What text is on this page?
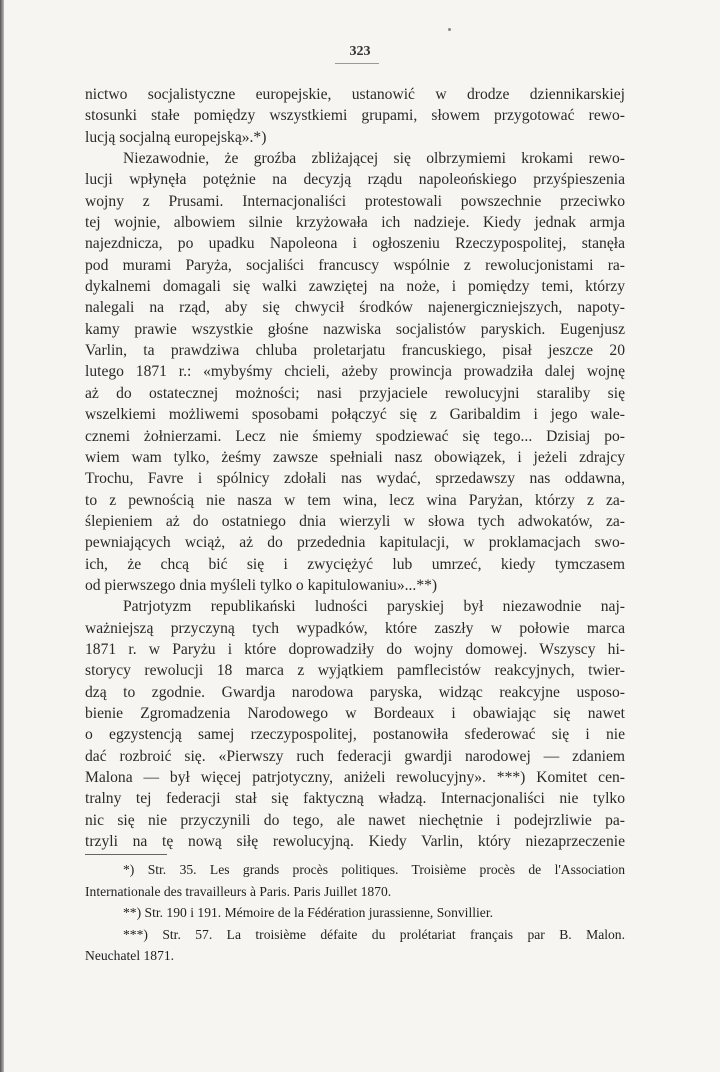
323
nictwo socjalistyczne europejskie, ustanowić w drodze dziennikarskiej
stosunki stałe pomiędzy wszystkiemi grupami, słowem przygotować rewo-
lucją socjalną europejską».*)
Niezawodnie, że groźba zbliżającej się olbrzymiemi krokami rewo-
lucji wpłynęła potężnie na decyzją rządu napoleońskiego przyśpieszenia
wojny z Prusami. Internacjonaliści protestowali powszechnie przeciwko
tej wojnie, albowiem silnie krzyżowała ich nadzieje. Kiedy jednak armja
najezdnicza, po upadku Napoleona i ogłoszeniu Rzeczypospolitej, stanęła
pod murami Paryża, socjaliści francuscy wspólnie z rewolucjonistami ra-
dykalnemi domagali się walki zawziętej na noże, i pomiędzy temi, którzy
nalegali na rząd, aby się chwycił środków najenergiczniejszych, napoty-
kamy prawie wszystkie głośne nazwiska socjalistów paryskich. Eugenjusz
Varlin, ta prawdziwa chluba proletarjatu francuskiego, pisał jeszcze 20
lutego 1871 r.: «mybyśmy chcieli, ażeby prowincja prowadziła dalej wojnę
aż do ostatecznej możności; nasi przyjaciele rewolucyjni staraliby się
wszelkiemi możliwemi sposobami połączyć się z Garibaldim i jego wale-
cznemi żołnierzami. Lecz nie śmiemy spodziewać się tego... Dzisiaj po-
wiem wam tylko, żeśmy zawsze spełniali nasz obowiązek, i jeżeli zdrajcy
Trochu, Favre i spólnicy zdołali nas wydać, sprzedawszy nas oddawna,
to z pewnością nie nasza w tem wina, lecz wina Paryżan, którzy z za-
ślepieniem aż do ostatniego dnia wierzyli w słowa tych adwokatów, za-
pewniających wciąż, aż do przedednia kapitulacji, w proklamacjach swo-
ich, że chcą bić się i zwyciężyć lub umrzeć, kiedy tymczasem
od pierwszego dnia myśleli tylko o kapitulowaniu»...**)
Patrjotyzm republikański ludności paryskiej był niezawodnie naj-
ważniejszą przyczyną tych wypadków, które zaszły w połowie marca
1871 r. w Paryżu i które doprowadziły do wojny domowej. Wszyscy hi-
storycy rewolucji 18 marca z wyjątkiem pamflecistów reakcyjnych, twier-
dzą to zgodnie. Gwardja narodowa paryska, widząc reakcyjne usposo-
bienie Zgromadzenia Narodowego w Bordeaux i obawiając się nawet
o egzystencją samej rzeczypospolitej, postanowiła sfederować się i nie
dać rozbroić się. «Pierwszy ruch federacji gwardji narodowej — zdaniem
Malona — był więcej patrjotyczny, aniżeli rewolucyjny». ***) Komitet cen-
tralny tej federacji stał się faktyczną władzą. Internacjonaliści nie tylko
nic się nie przyczynili do tego, ale nawet niechętnie i podejrzliwie pa-
trzyli na tę nową siłę rewolucyjną. Kiedy Varlin, który niezaprzeczenie
*) Str. 35. Les grands procès politiques. Troisième procès de l'Association
Internationale des travailleurs à Paris. Paris Juillet 1870.
**) Str. 190 i 191. Mémoire de la Fédération jurassienne, Sonvillier.
***) Str. 57. La troisième défaite du prolétariat français par B. Malon.
Neuchatel 1871.
